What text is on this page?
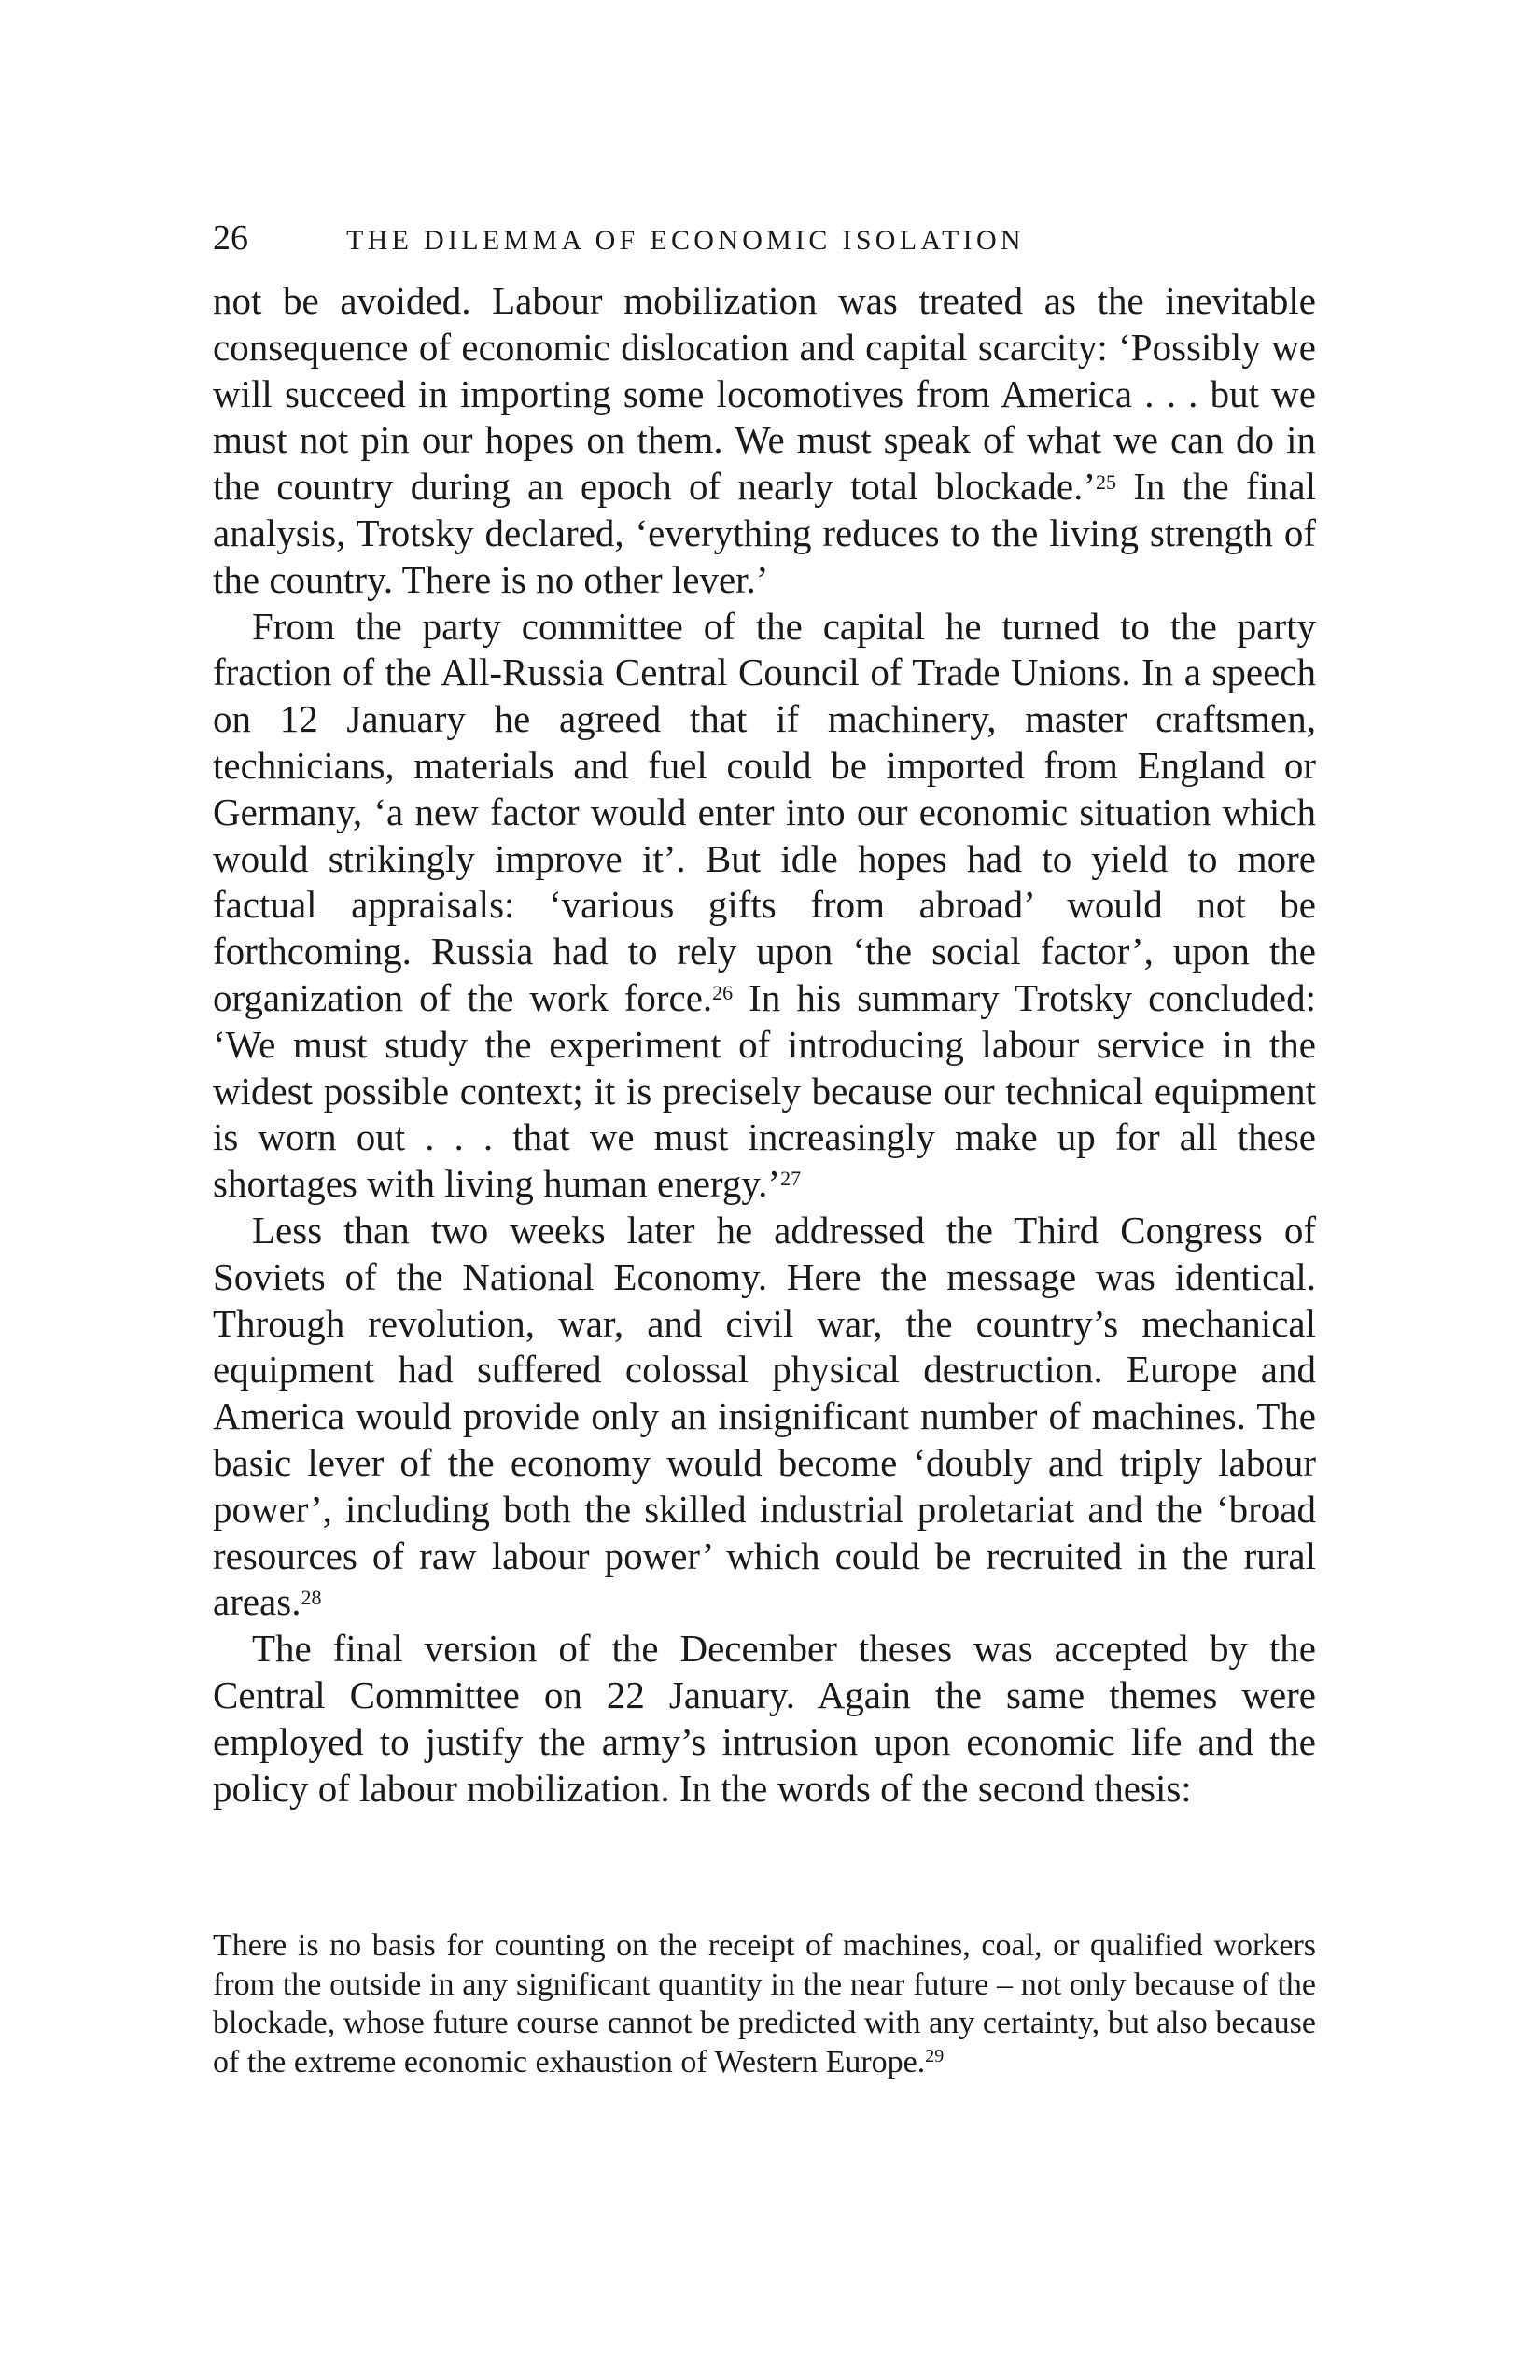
26	THE DILEMMA OF ECONOMIC ISOLATION

not be avoided. Labour mobilization was treated as the inevitable consequence of economic dislocation and capital scarcity: ‘Possibly we will succeed in importing some locomotives from America . . . but we must not pin our hopes on them. We must speak of what we can do in the country during an epoch of nearly total blockade.’$^{25}$ In the final analysis, Trotsky declared, ‘everything reduces to the living strength of the country. There is no other lever.’

From the party committee of the capital he turned to the party fraction of the All-Russia Central Council of Trade Unions. In a speech on 12 January he agreed that if machinery, master craftsmen, technicians, materials and fuel could be imported from England or Germany, ‘a new factor would enter into our economic situation which would strikingly improve it’. But idle hopes had to yield to more factual appraisals: ‘various gifts from abroad’ would not be forthcoming. Russia had to rely upon ‘the social factor’, upon the organization of the work force.$^{26}$ In his summary Trotsky concluded: ‘We must study the experiment of introducing labour service in the widest possible context; it is precisely because our technical equipment is worn out . . . that we must increasingly make up for all these shortages with living human energy.’$^{27}$

Less than two weeks later he addressed the Third Congress of Soviets of the National Economy. Here the message was identical. Through revolution, war, and civil war, the country’s mechanical equipment had suffered colossal physical destruction. Europe and America would provide only an insignificant number of machines. The basic lever of the economy would become ‘doubly and triply labour power’, including both the skilled industrial proletariat and the ‘broad resources of raw labour power’ which could be recruited in the rural areas.$^{28}$

The final version of the December theses was accepted by the Central Committee on 22 January. Again the same themes were employed to justify the army’s intrusion upon economic life and the policy of labour mobilization. In the words of the second thesis:

There is no basis for counting on the receipt of machines, coal, or qualified workers from the outside in any significant quantity in the near future – not only because of the blockade, whose future course cannot be predicted with any certainty, but also because of the extreme economic exhaustion of Western Europe.$^{29}$
